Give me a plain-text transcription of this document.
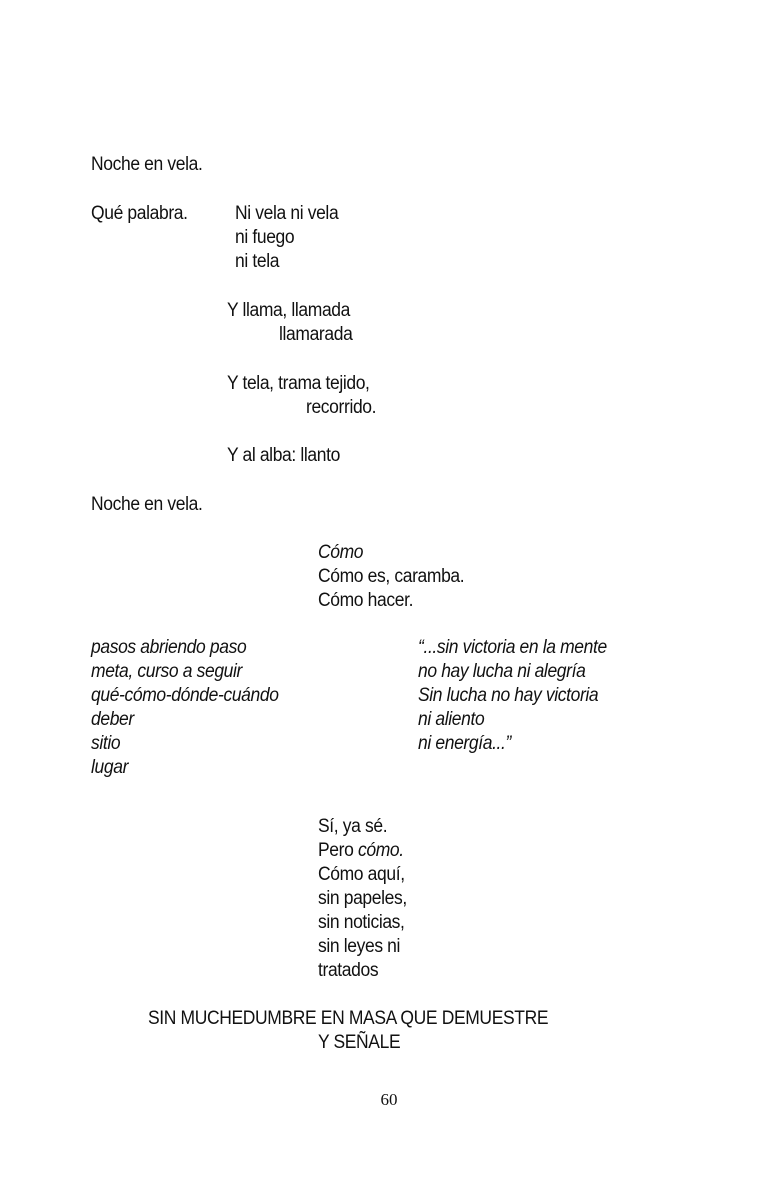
Noche en vela.
Qué palabra. Ni vela ni vela
ni fuego
ni tela
Y llama, llamada
llamarada
Y tela, trama tejido,
recorrido.
Y al alba: llanto
Noche en vela.
Cómo
Cómo es, caramba.
Cómo hacer.
pasos abriendo paso
meta, curso a seguir
qué-cómo-dónde-cuándo
deber
sitio
lugar
“...sin victoria en la mente
no hay lucha ni alegría
Sin lucha no hay victoria
ni aliento
ni energía...”
Sí, ya sé.
Pero cómo.
Cómo aquí,
sin papeles,
sin noticias,
sin leyes ni
tratados
SIN MUCHEDUMBRE EN MASA QUE DEMUESTRE
Y SEÑALE
60
